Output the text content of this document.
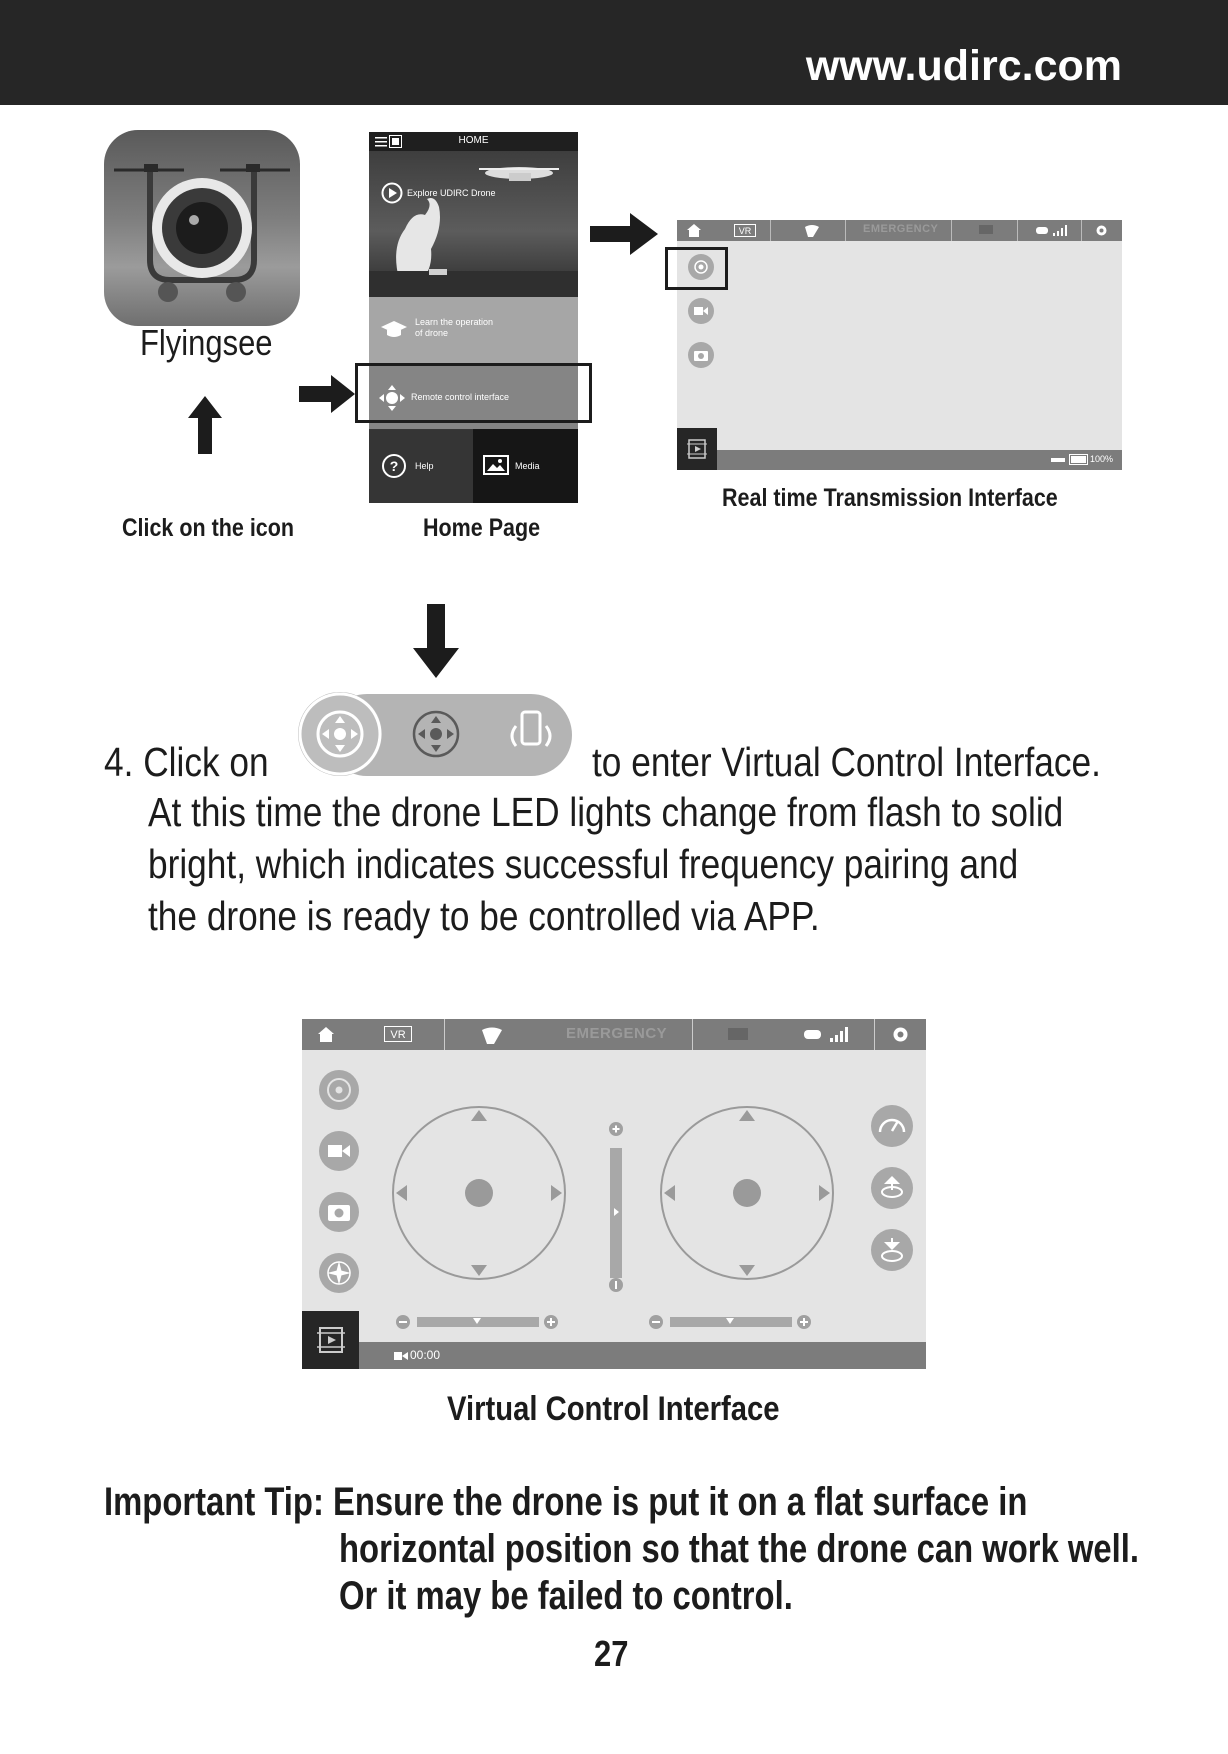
www.udirc.com
Flyingsee
Click on the icon	Home Page
Real time Transmission Interface
HOME
Explore UDIRC Drone
Learn the operation
of drone
Remote control interface
? Help	Media
VR	EMERGENCY
100%
4. Click on	to enter Virtual Control Interface.
At this time the drone LED lights change from flash to solid
bright, which indicates successful frequency pairing and
the drone is ready to be controlled via APP.
VR	EMERGENCY
00:00
Virtual Control Interface
Important Tip: Ensure the drone is put it on a flat surface in
horizontal position so that the drone can work well.
Or it may be failed to control.
27
